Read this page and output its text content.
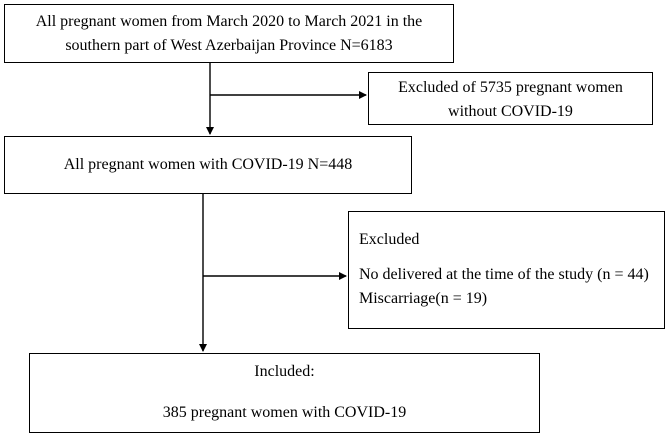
All pregnant women from March 2020 to March 2021 in the
southern part of West Azerbaijan Province N=6183
Excluded of 5735 pregnant women
without COVID-19
All pregnant women with COVID-19 N=448
Excluded
No delivered at the time of the study (n = 44)
Miscarriage(n = 19)
Included:
385 pregnant women with COVID-19
